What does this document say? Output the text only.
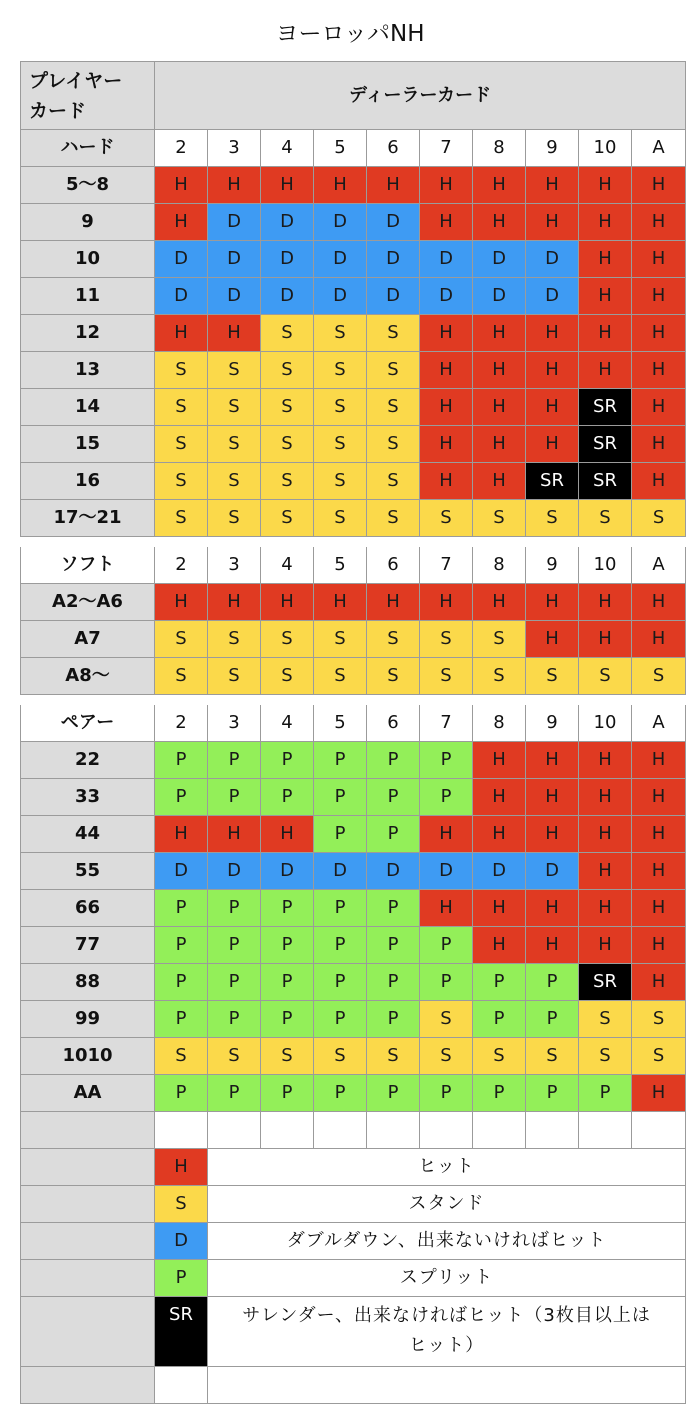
ヨーロッパNH
プレイヤー
カード	ディーラーカード									
ハード	2	3	4	5	6	7	8	9	10	A
5〜8	H	H	H	H	H	H	H	H	H	H
9	H	D	D	D	D	H	H	H	H	H
10	D	D	D	D	D	D	D	D	H	H
11	D	D	D	D	D	D	D	D	H	H
12	H	H	S	S	S	H	H	H	H	H
13	S	S	S	S	S	H	H	H	H	H
14	S	S	S	S	S	H	H	H	SR	H
15	S	S	S	S	S	H	H	H	SR	H
16	S	S	S	S	S	H	H	SR	SR	H
17〜21	S	S	S	S	S	S	S	S	S	S

ソフト	2	3	4	5	6	7	8	9	10	A
A2〜A6	H	H	H	H	H	H	H	H	H	H
A7	S	S	S	S	S	S	S	H	H	H
A8〜	S	S	S	S	S	S	S	S	S	S

ペアー	2	3	4	5	6	7	8	9	10	A
22	P	P	P	P	P	P	H	H	H	H
33	P	P	P	P	P	P	H	H	H	H
44	H	H	H	P	P	H	H	H	H	H
55	D	D	D	D	D	D	D	D	H	H
66	P	P	P	P	P	H	H	H	H	H
77	P	P	P	P	P	P	H	H	H	H
88	P	P	P	P	P	P	P	P	SR	H
99	P	P	P	P	P	S	P	P	S	S
1010	S	S	S	S	S	S	S	S	S	S
AA	P	P	P	P	P	P	P	P	P	H

	H	ヒット								
	S	スタンド								
	D	ダブルダウン、出来ないければヒット								
	P	スプリット								
	SR	サレンダー、出来なければヒット（3枚目以上は
ヒット）								
